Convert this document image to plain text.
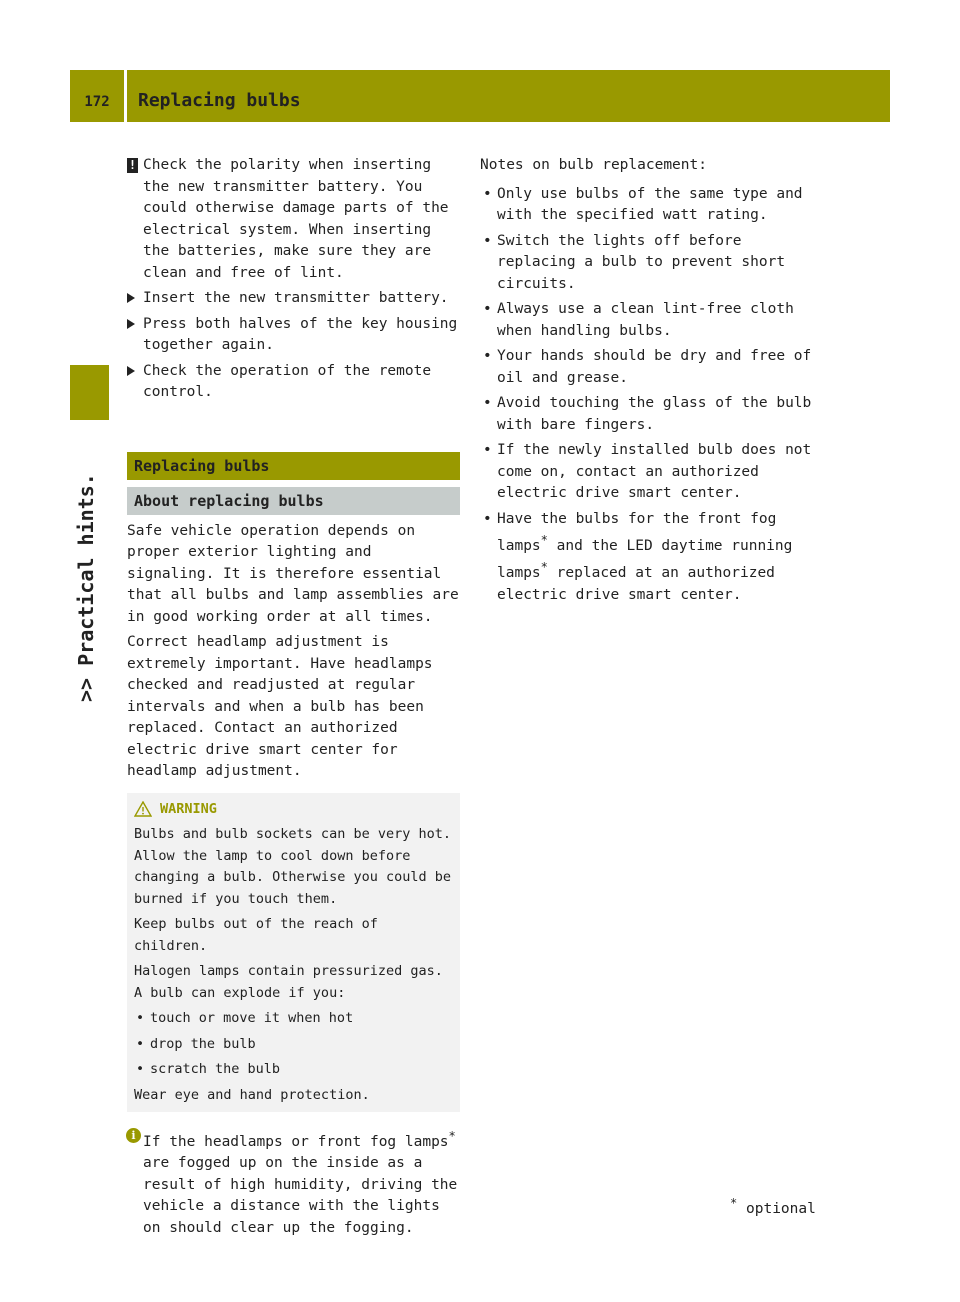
172	Replacing bulbs
>> Practical hints.

! Check the polarity when inserting the new transmitter battery. You could otherwise damage parts of the electrical system. When inserting the batteries, make sure they are clean and free of lint.

Insert the new transmitter battery.

Press both halves of the key housing together again.

Check the operation of the remote control.

Replacing bulbs
About replacing bulbs

Safe vehicle operation depends on proper exterior lighting and signaling. It is therefore essential that all bulbs and lamp assemblies are in good working order at all times.

Correct headlamp adjustment is extremely important. Have headlamps checked and readjusted at regular intervals and when a bulb has been replaced. Contact an authorized electric drive smart center for headlamp adjustment.

WARNING

Bulbs and bulb sockets can be very hot. Allow the lamp to cool down before changing a bulb. Otherwise you could be burned if you touch them.

Keep bulbs out of the reach of children.

Halogen lamps contain pressurized gas. A bulb can explode if you:

• touch or move it when hot

• drop the bulb

• scratch the bulb

Wear eye and hand protection.

i If the headlamps or front fog lamps* are fogged up on the inside as a result of high humidity, driving the vehicle a distance with the lights on should clear up the fogging.

Notes on bulb replacement:

• Only use bulbs of the same type and with the specified watt rating.

• Switch the lights off before replacing a bulb to prevent short circuits.

• Always use a clean lint-free cloth when handling bulbs.

• Your hands should be dry and free of oil and grease.

• Avoid touching the glass of the bulb with bare fingers.

• If the newly installed bulb does not come on, contact an authorized electric drive smart center.

• Have the bulbs for the front fog lamps* and the LED daytime running lamps* replaced at an authorized electric drive smart center.

* optional
